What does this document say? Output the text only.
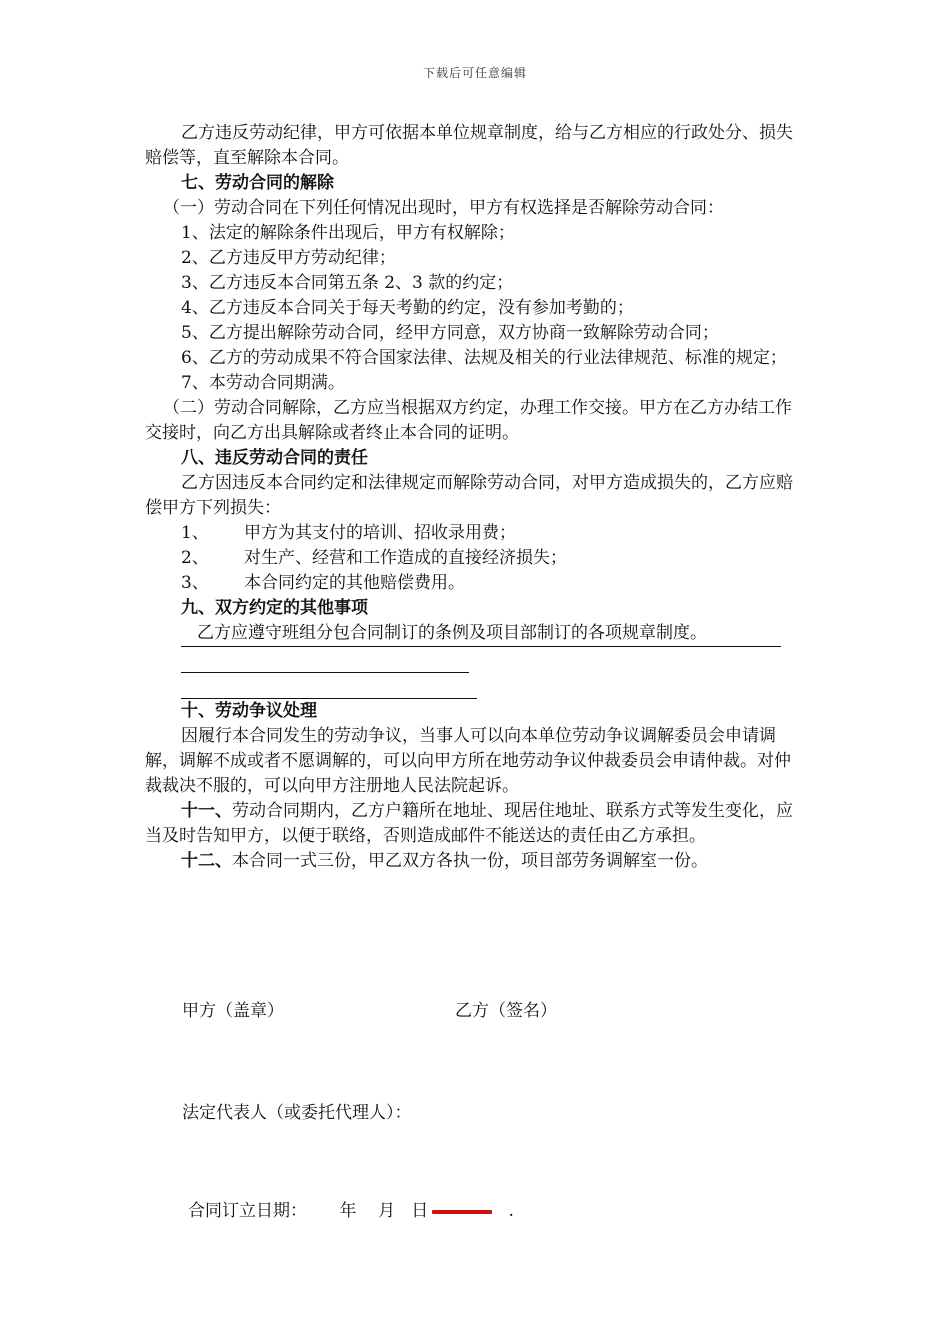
下载后可任意编辑

乙方违反劳动纪律，甲方可依据本单位规章制度，给与乙方相应的行政处分、损失赔偿等，直至解除本合同。

七、劳动合同的解除

（一）劳动合同在下列任何情况出现时，甲方有权选择是否解除劳动合同：

1、法定的解除条件出现后，甲方有权解除；

2、乙方违反甲方劳动纪律；

3、乙方违反本合同第五条 2、3 款的约定；

4、乙方违反本合同关于每天考勤的约定，没有参加考勤的；

5、乙方提出解除劳动合同，经甲方同意，双方协商一致解除劳动合同；

6、乙方的劳动成果不符合国家法律、法规及相关的行业法律规范、标准的规定；

7、本劳动合同期满。

（二）劳动合同解除，乙方应当根据双方约定，办理工作交接。甲方在乙方办结工作交接时，向乙方出具解除或者终止本合同的证明。

八、违反劳动合同的责任

乙方因违反本合同约定和法律规定而解除劳动合同，对甲方造成损失的，乙方应赔偿甲方下列损失：

1、 甲方为其支付的培训、招收录用费；

2、 对生产、经营和工作造成的直接经济损失；

3、 本合同约定的其他赔偿费用。

九、双方约定的其他事项

乙方应遵守班组分包合同制订的条例及项目部制订的各项规章制度。

十、劳动争议处理

因履行本合同发生的劳动争议，当事人可以向本单位劳动争议调解委员会申请调解，调解不成或者不愿调解的，可以向甲方所在地劳动争议仲裁委员会申请仲裁。对仲裁裁决不服的，可以向甲方注册地人民法院起诉。

十一、劳动合同期内，乙方户籍所在地址、现居住地址、联系方式等发生变化，应当及时告知甲方，以便于联络，否则造成邮件不能送达的责任由乙方承担。

十二、本合同一式三份，甲乙双方各执一份，项目部劳务调解室一份。

甲方（盖章）	乙方（签名）
法定代表人（或委托代理人）：
合同订立日期： 年 月 日	.
